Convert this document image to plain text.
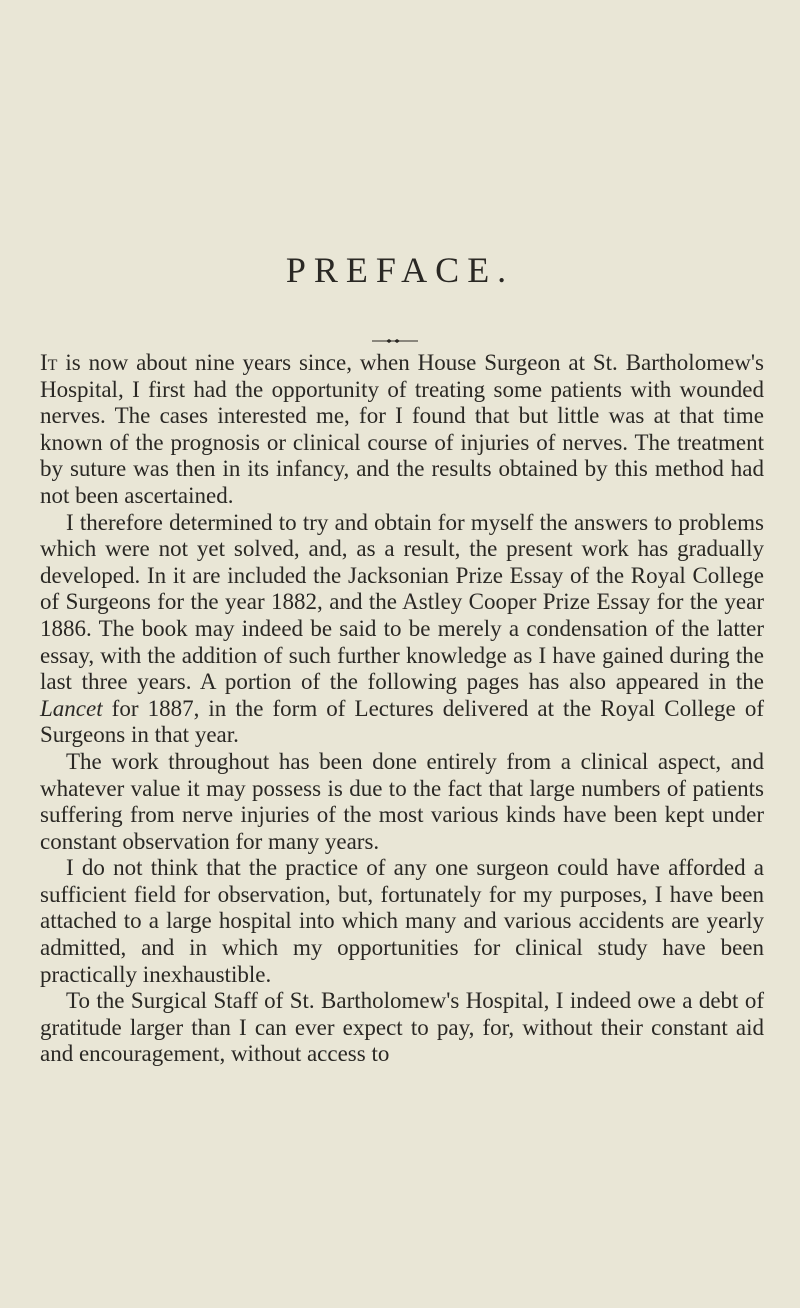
PREFACE.

It is now about nine years since, when House Surgeon at St. Bartholomew's Hospital, I first had the opportunity of treating some patients with wounded nerves. The cases interested me, for I found that but little was at that time known of the prognosis or clinical course of injuries of nerves. The treatment by suture was then in its infancy, and the results obtained by this method had not been ascertained.

I therefore determined to try and obtain for myself the answers to problems which were not yet solved, and, as a result, the present work has gradually developed. In it are included the Jacksonian Prize Essay of the Royal College of Surgeons for the year 1882, and the Astley Cooper Prize Essay for the year 1886. The book may indeed be said to be merely a condensation of the latter essay, with the addition of such further knowledge as I have gained during the last three years. A portion of the following pages has also appeared in the Lancet for 1887, in the form of Lectures delivered at the Royal College of Surgeons in that year.

The work throughout has been done entirely from a clinical aspect, and whatever value it may possess is due to the fact that large numbers of patients suffering from nerve injuries of the most various kinds have been kept under constant observation for many years.

I do not think that the practice of any one surgeon could have afforded a sufficient field for observation, but, fortunately for my purposes, I have been attached to a large hospital into which many and various accidents are yearly admitted, and in which my opportunities for clinical study have been practically inexhaustible.

To the Surgical Staff of St. Bartholomew's Hospital, I indeed owe a debt of gratitude larger than I can ever expect to pay, for, without their constant aid and encouragement, without access to
